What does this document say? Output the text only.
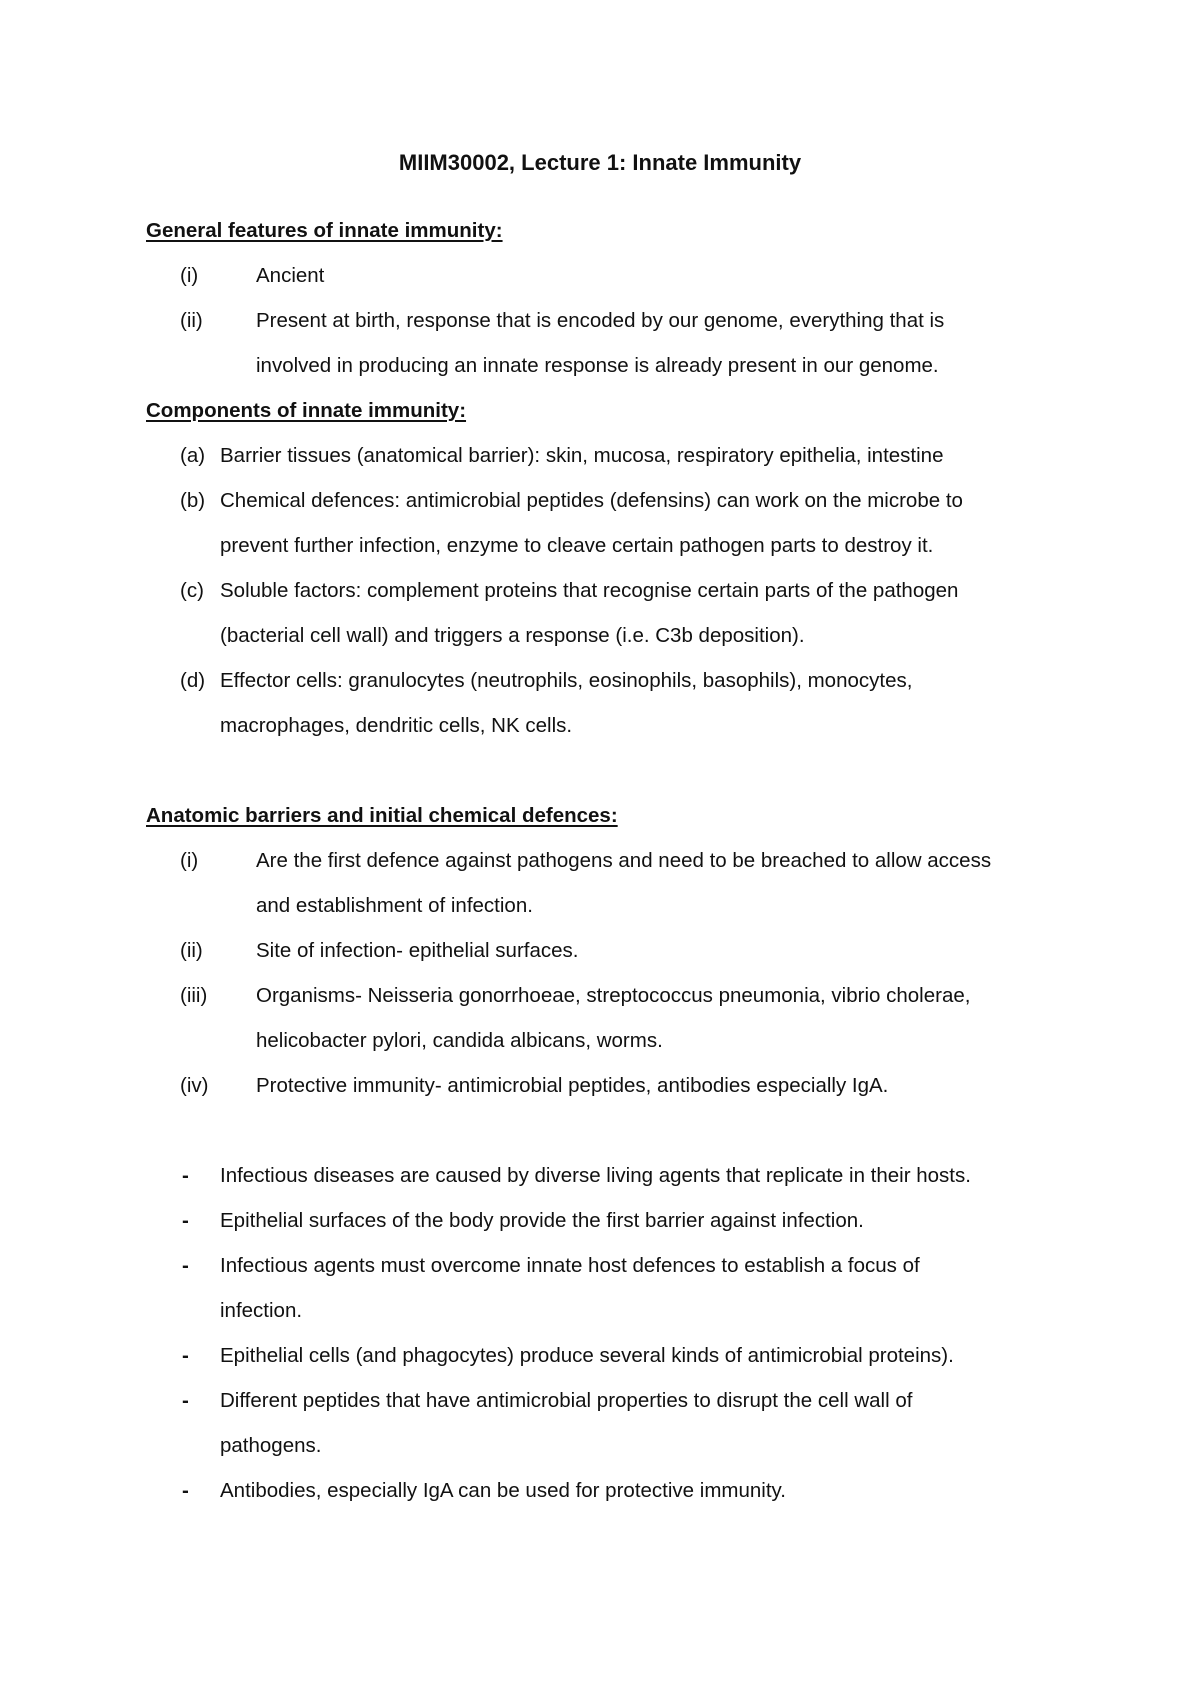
MIIM30002, Lecture 1: Innate Immunity
General features of innate immunity:
(i)	Ancient
(ii)	Present at birth, response that is encoded by our genome, everything that is
involved in producing an innate response is already present in our genome.
Components of innate immunity:
(a) Barrier tissues (anatomical barrier): skin, mucosa, respiratory epithelia, intestine
(b) Chemical defences: antimicrobial peptides (defensins) can work on the microbe to
prevent further infection, enzyme to cleave certain pathogen parts to destroy it.
(c) Soluble factors: complement proteins that recognise certain parts of the pathogen
(bacterial cell wall) and triggers a response (i.e. C3b deposition).
(d) Effector cells: granulocytes (neutrophils, eosinophils, basophils), monocytes,
macrophages, dendritic cells, NK cells.
Anatomic barriers and initial chemical defences:
(i)	Are the first defence against pathogens and need to be breached to allow access
and establishment of infection.
(ii)	Site of infection- epithelial surfaces.
(iii) Organisms- Neisseria gonorrhoeae, streptococcus pneumonia, vibrio cholerae,
helicobacter pylori, candida albicans, worms.
(iv) Protective immunity- antimicrobial peptides, antibodies especially IgA.
- Infectious diseases are caused by diverse living agents that replicate in their hosts.
- Epithelial surfaces of the body provide the first barrier against infection.
- Infectious agents must overcome innate host defences to establish a focus of
infection.
- Epithelial cells (and phagocytes) produce several kinds of antimicrobial proteins).
- Different peptides that have antimicrobial properties to disrupt the cell wall of
pathogens.
- Antibodies, especially IgA can be used for protective immunity.
